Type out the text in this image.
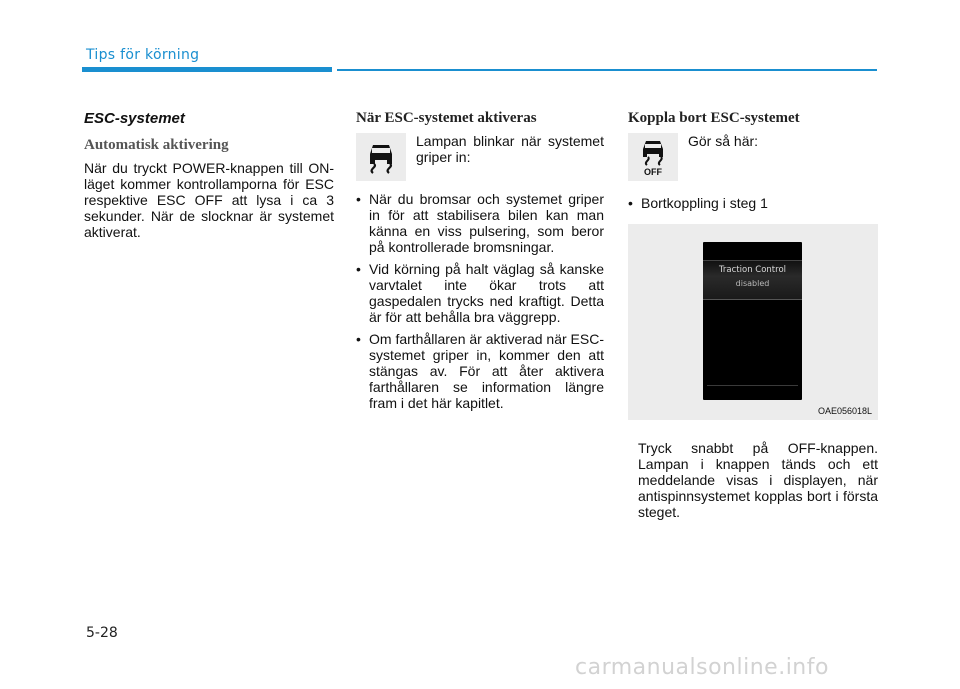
Tips för körning
ESC-systemet
Automatisk aktivering

När du tryckt POWER-knappen till ON-läget kommer kontrollamporna för ESC respektive ESC OFF att lysa i ca 3 sekunder. När de slocknar är systemet aktiverat.

När ESC-systemet aktiveras
Lampan blinkar när systemet griper in:
• När du bromsar och systemet griper in för att stabilisera bilen kan man känna en viss pulsering, som beror på kontrollerade bromsningar.
• Vid körning på halt väglag så kanske varvtalet inte ökar trots att gaspedalen trycks ned kraftigt. Detta är för att behålla bra väggrepp.
• Om farthållaren är aktiverad när ESC-systemet griper in, kommer den att stängas av. För att åter aktivera farthållaren se information längre fram i det här kapitlet.
Koppla bort ESC-systemet
OFF
Gör så här:
• Bortkoppling i steg 1
Traction Control
disabled
OAE056018L

Tryck snabbt på OFF-knappen. Lampan i knappen tänds och ett meddelande visas i displayen, när antispinnsystemet kopplas bort i första steget.

5-28
carmanualsonline.info
